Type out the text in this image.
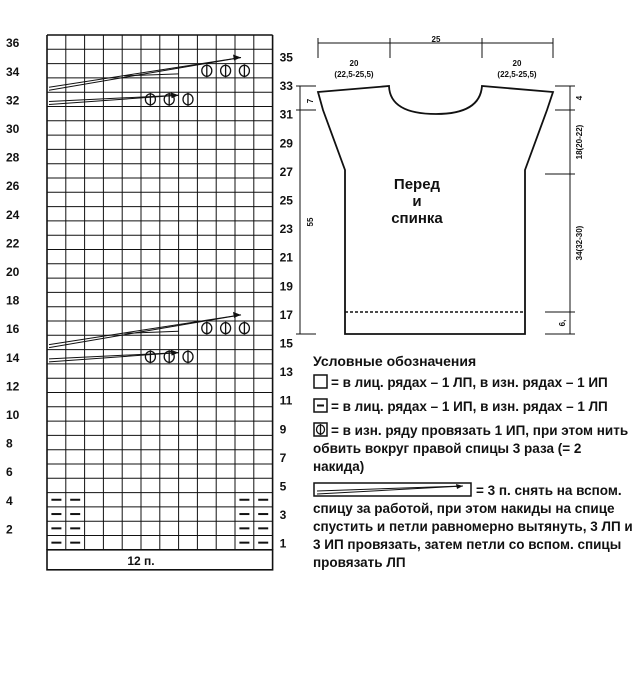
36
34
32
30
28
26
24
22
20
18
16
14
12
10
8
6
4
2
35
33
31
29
27
25
23
21
19
17
15
13
11
9
7
5
3
1
12 п.
25
20
(22,5-25,5)
20
(22,5-25,5)
7
55
4
18(20-22)
34(32-30)
6,
Перед
и
спинка
Условные обозначения
= в лиц. рядах – 1 ЛП, в изн. рядах – 1 ИП
= в лиц. рядах – 1 ИП, в изн. рядах – 1 ЛП
= в изн. ряду провязать 1 ИП, при этом нить обвить вокруг правой спицы 3 раза (= 2 накида)
= 3 п. снять на вспом. спицу за работой, при этом накиды на спице спустить и петли равномерно вытянуть, 3 ЛП и 3 ИП провязать, затем петли со вспом. спицы провязать ЛП
